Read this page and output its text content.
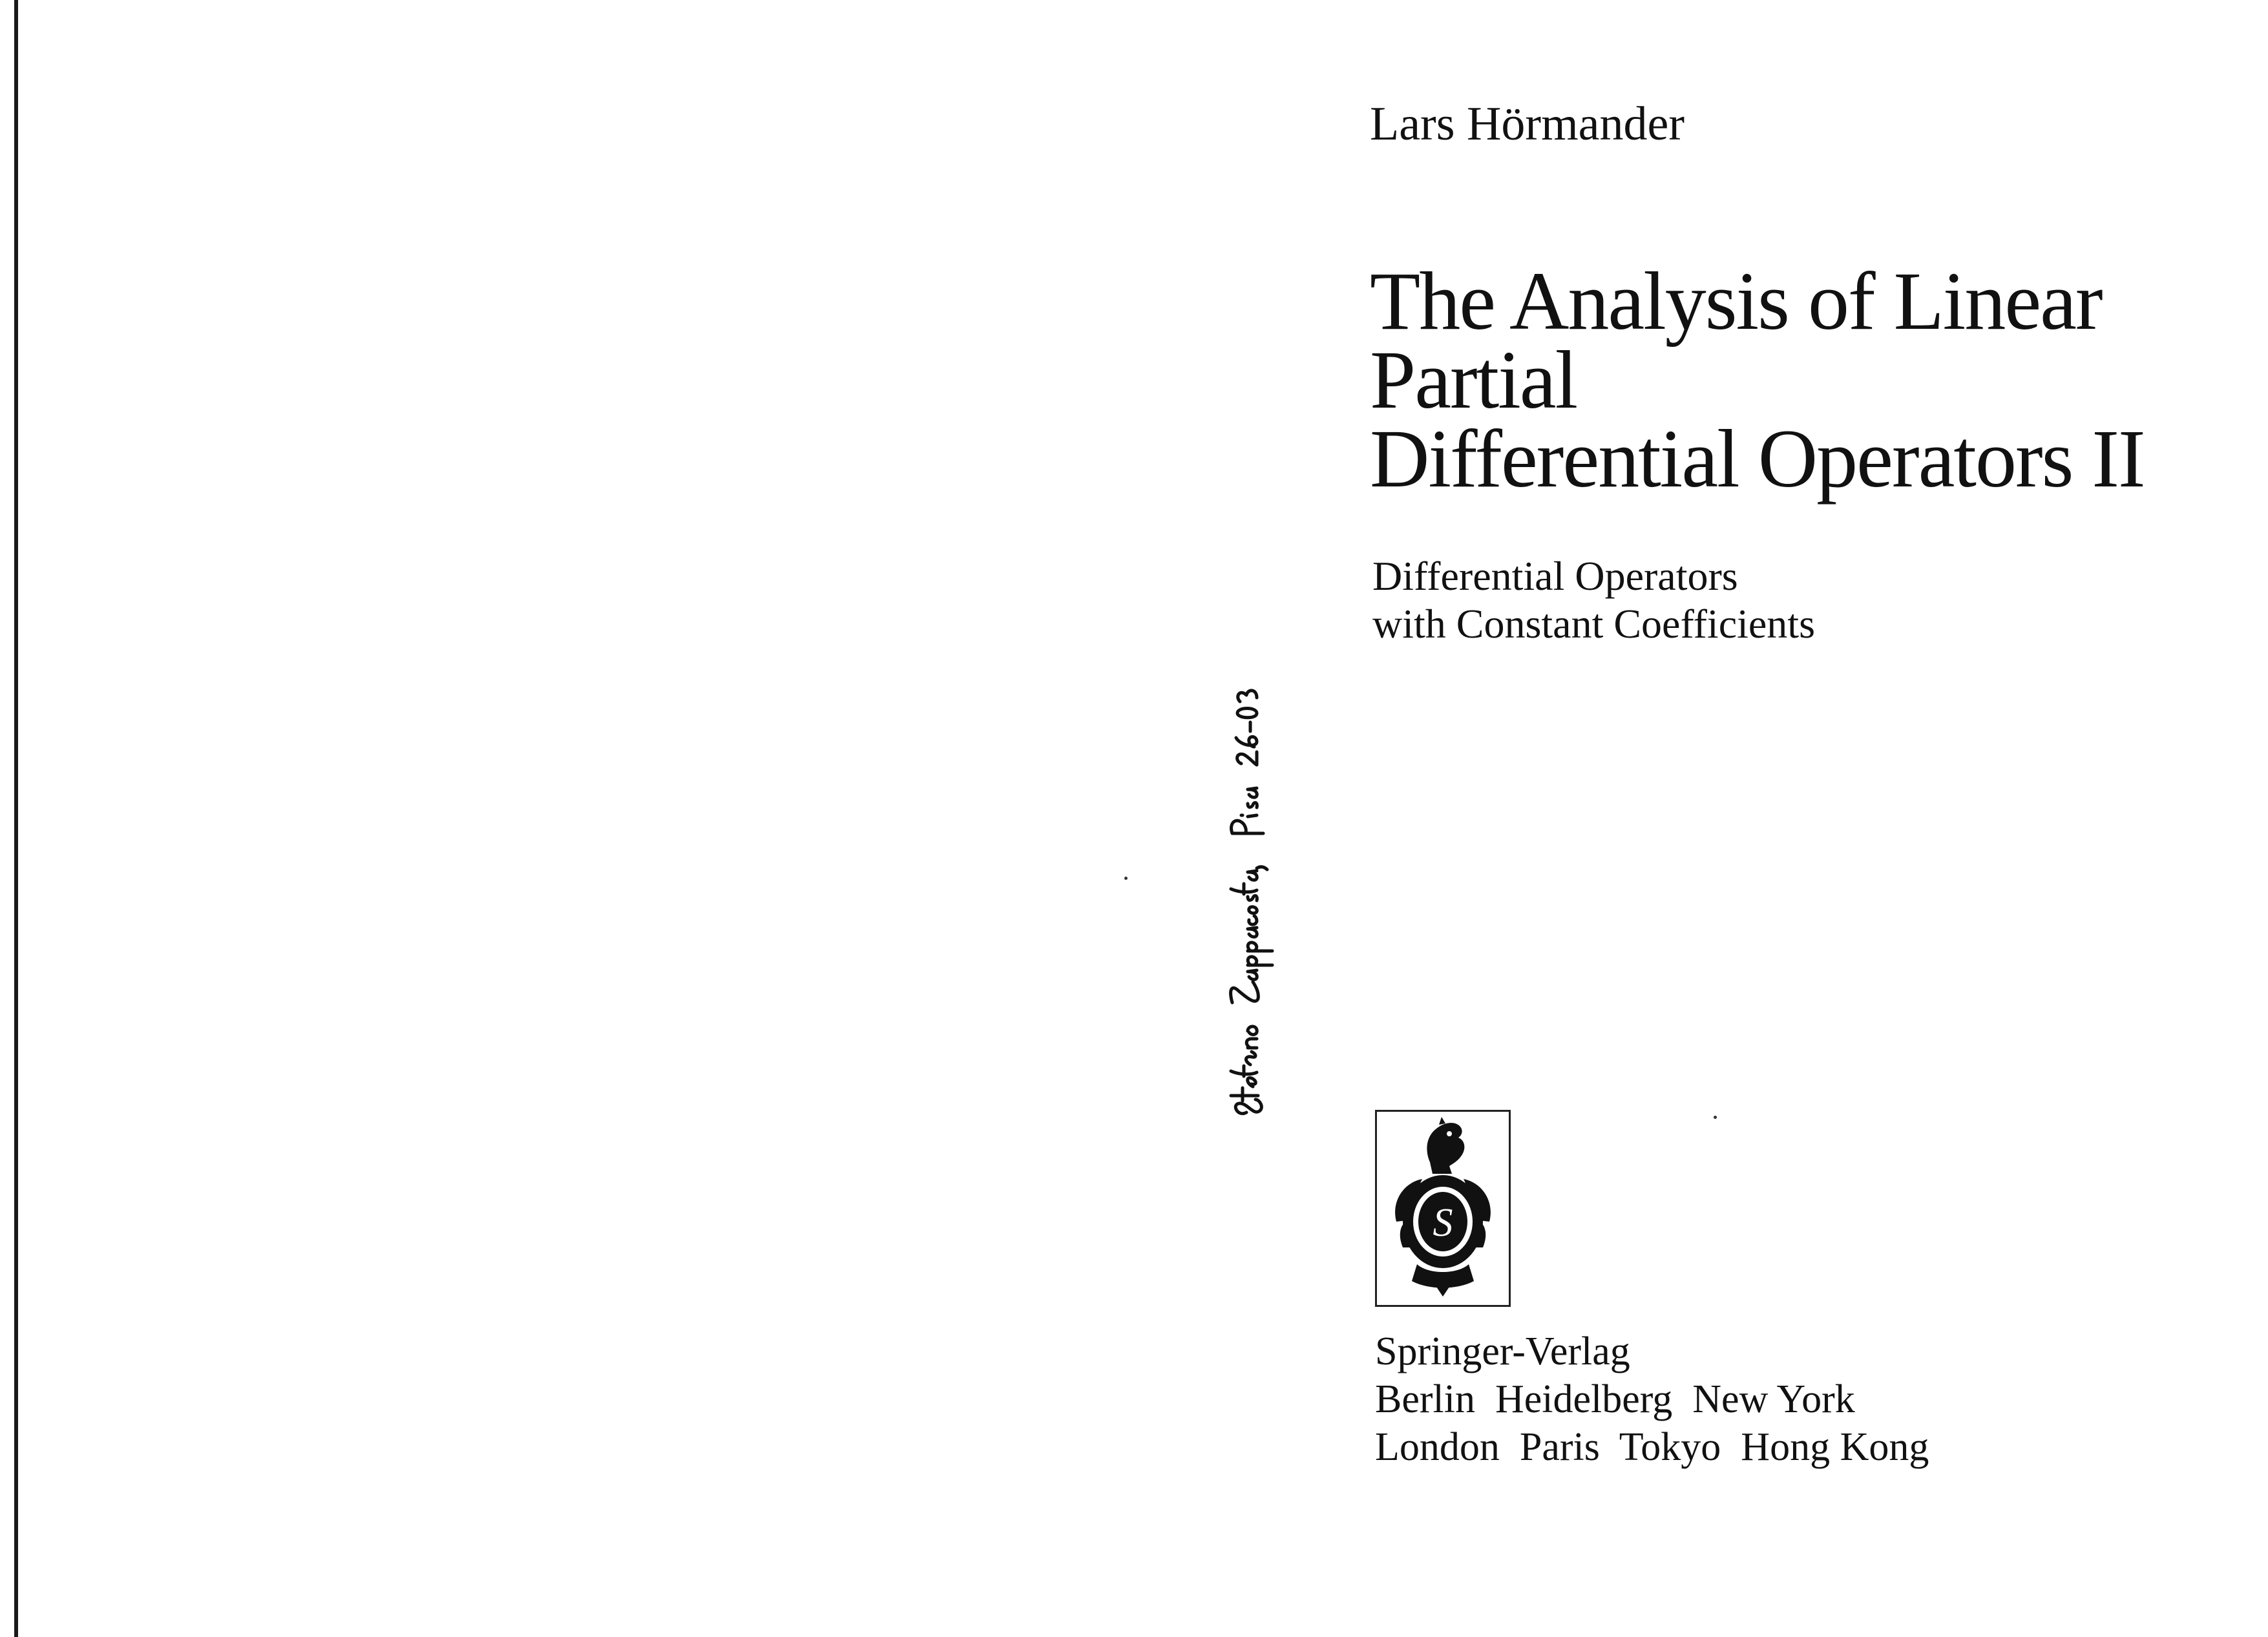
Lars Hörmander
The Analysis of Linear
Partial
Differential Operators II
Differential Operators
with Constant Coefficients
S
Springer-Verlag
Berlin  Heidelberg  New York
London  Paris  Tokyo  Hong Kong
